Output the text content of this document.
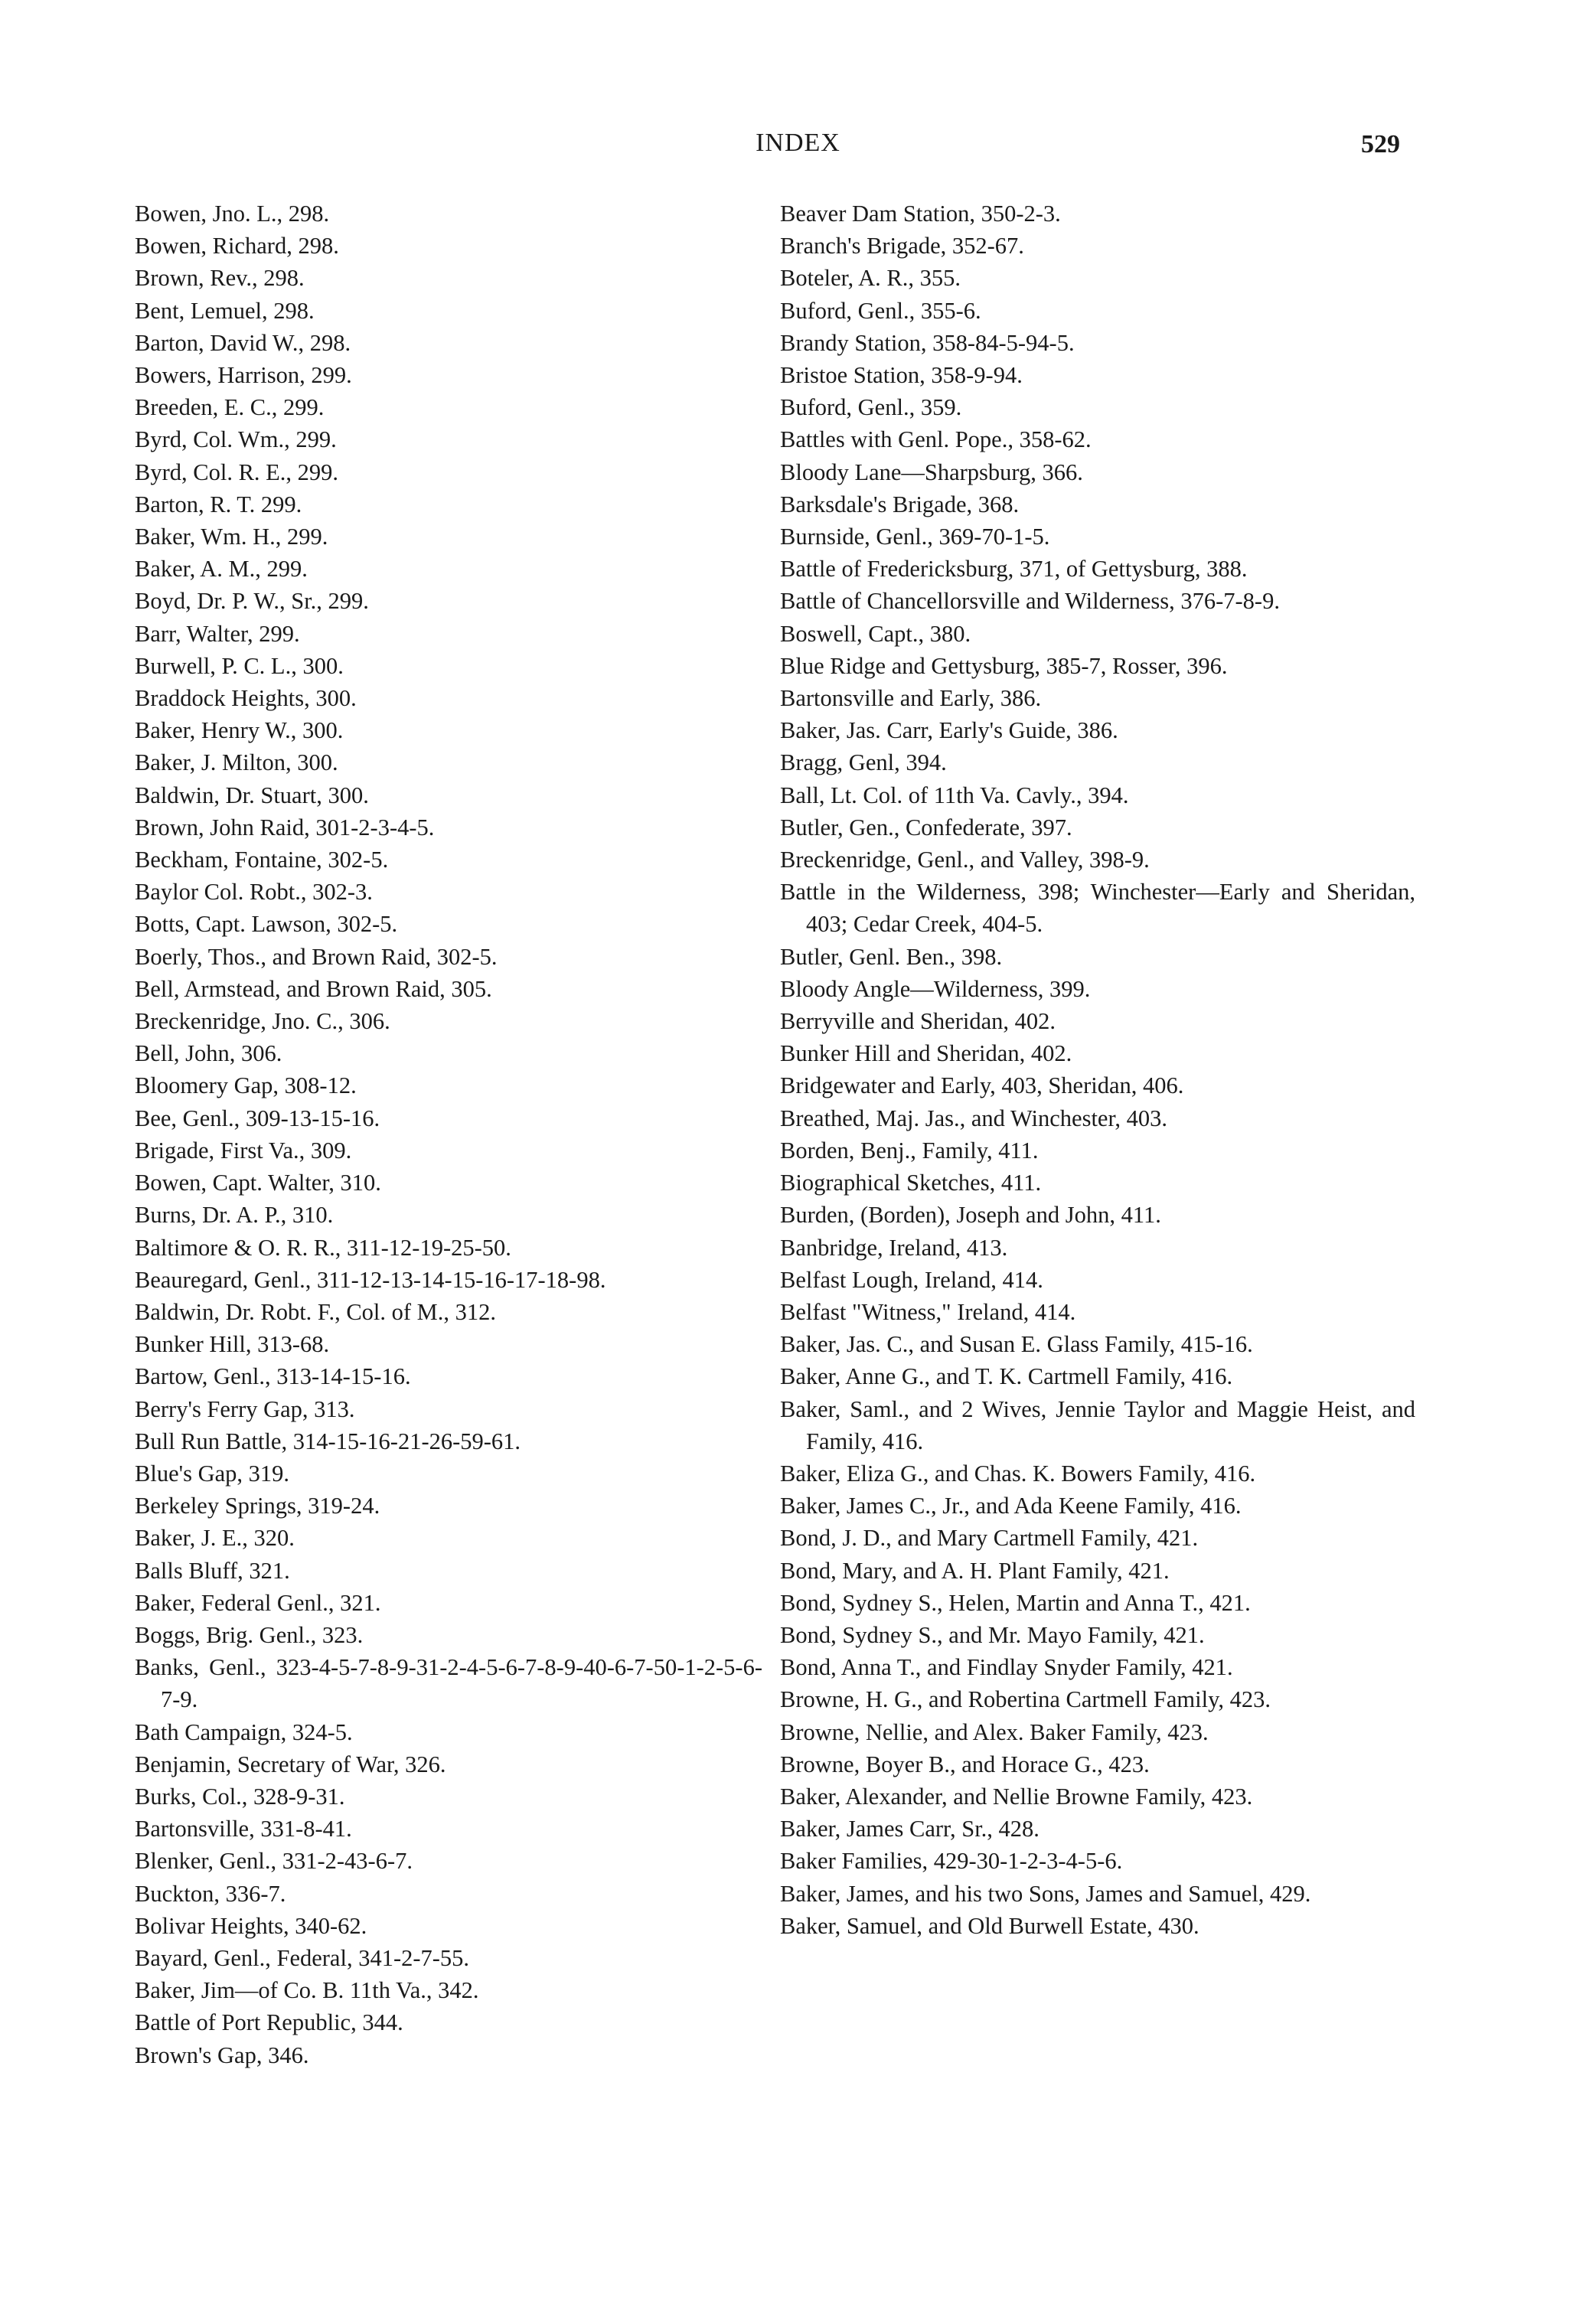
INDEX	529
Bowen, Jno. L., 298.
Bowen, Richard, 298.
Brown, Rev., 298.
Bent, Lemuel, 298.
Barton, David W., 298.
Bowers, Harrison, 299.
Breeden, E. C., 299.
Byrd, Col. Wm., 299.
Byrd, Col. R. E., 299.
Barton, R. T. 299.
Baker, Wm. H., 299.
Baker, A. M., 299.
Boyd, Dr. P. W., Sr., 299.
Barr, Walter, 299.
Burwell, P. C. L., 300.
Braddock Heights, 300.
Baker, Henry W., 300.
Baker, J. Milton, 300.
Baldwin, Dr. Stuart, 300.
Brown, John Raid, 301-2-3-4-5.
Beckham, Fontaine, 302-5.
Baylor Col. Robt., 302-3.
Botts, Capt. Lawson, 302-5.
Boerly, Thos., and Brown Raid, 302-5.
Bell, Armstead, and Brown Raid, 305.
Breckenridge, Jno. C., 306.
Bell, John, 306.
Bloomery Gap, 308-12.
Bee, Genl., 309-13-15-16.
Brigade, First Va., 309.
Bowen, Capt. Walter, 310.
Burns, Dr. A. P., 310.
Baltimore & O. R. R., 311-12-19-25-50.
Beauregard, Genl., 311-12-13-14-15-16-17-18-98.
Baldwin, Dr. Robt. F., Col. of M., 312.
Bunker Hill, 313-68.
Bartow, Genl., 313-14-15-16.
Berry's Ferry Gap, 313.
Bull Run Battle, 314-15-16-21-26-59-61.
Blue's Gap, 319.
Berkeley Springs, 319-24.
Baker, J. E., 320.
Balls Bluff, 321.
Baker, Federal Genl., 321.
Boggs, Brig. Genl., 323.
Banks, Genl., 323-4-5-7-8-9-31-2-4-5-6-7-8-9-40-6-7-50-1-2-5-6-7-9.
Bath Campaign, 324-5.
Benjamin, Secretary of War, 326.
Burks, Col., 328-9-31.
Bartonsville, 331-8-41.
Blenker, Genl., 331-2-43-6-7.
Buckton, 336-7.
Bolivar Heights, 340-62.
Bayard, Genl., Federal, 341-2-7-55.
Baker, Jim—of Co. B. 11th Va., 342.
Battle of Port Republic, 344.
Brown's Gap, 346.
Beaver Dam Station, 350-2-3.
Branch's Brigade, 352-67.
Boteler, A. R., 355.
Buford, Genl., 355-6.
Brandy Station, 358-84-5-94-5.
Bristoe Station, 358-9-94.
Buford, Genl., 359.
Battles with Genl. Pope., 358-62.
Bloody Lane—Sharpsburg, 366.
Barksdale's Brigade, 368.
Burnside, Genl., 369-70-1-5.
Battle of Fredericksburg, 371, of Gettysburg, 388.
Battle of Chancellorsville and Wilderness, 376-7-8-9.
Boswell, Capt., 380.
Blue Ridge and Gettysburg, 385-7, Rosser, 396.
Bartonsville and Early, 386.
Baker, Jas. Carr, Early's Guide, 386.
Bragg, Genl, 394.
Ball, Lt. Col. of 11th Va. Cavly., 394.
Butler, Gen., Confederate, 397.
Breckenridge, Genl., and Valley, 398-9.
Battle in the Wilderness, 398; Winchester—Early and Sheridan, 403; Cedar Creek, 404-5.
Butler, Genl. Ben., 398.
Bloody Angle—Wilderness, 399.
Berryville and Sheridan, 402.
Bunker Hill and Sheridan, 402.
Bridgewater and Early, 403, Sheridan, 406.
Breathed, Maj. Jas., and Winchester, 403.
Borden, Benj., Family, 411.
Biographical Sketches, 411.
Burden, (Borden), Joseph and John, 411.
Banbridge, Ireland, 413.
Belfast Lough, Ireland, 414.
Belfast "Witness," Ireland, 414.
Baker, Jas. C., and Susan E. Glass Family, 415-16.
Baker, Anne G., and T. K. Cartmell Family, 416.
Baker, Saml., and 2 Wives, Jennie Taylor and Maggie Heist, and Family, 416.
Baker, Eliza G., and Chas. K. Bowers Family, 416.
Baker, James C., Jr., and Ada Keene Family, 416.
Bond, J. D., and Mary Cartmell Family, 421.
Bond, Mary, and A. H. Plant Family, 421.
Bond, Sydney S., Helen, Martin and Anna T., 421.
Bond, Sydney S., and Mr. Mayo Family, 421.
Bond, Anna T., and Findlay Snyder Family, 421.
Browne, H. G., and Robertina Cartmell Family, 423.
Browne, Nellie, and Alex. Baker Family, 423.
Browne, Boyer B., and Horace G., 423.
Baker, Alexander, and Nellie Browne Family, 423.
Baker, James Carr, Sr., 428.
Baker Families, 429-30-1-2-3-4-5-6.
Baker, James, and his two Sons, James and Samuel, 429.
Baker, Samuel, and Old Burwell Estate, 430.
